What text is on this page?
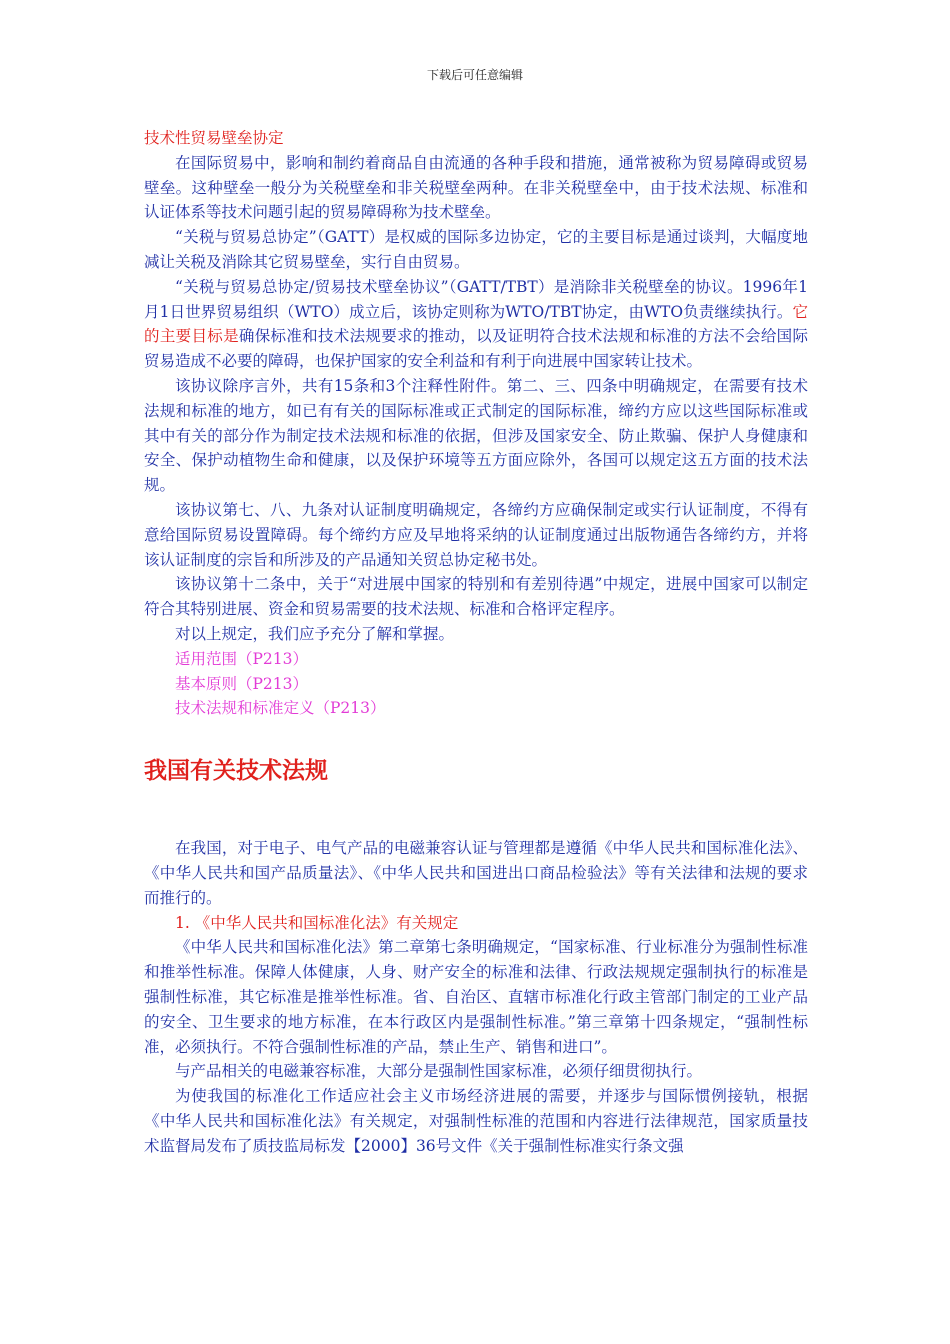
下载后可任意编辑

技术性贸易壁垒协定

在国际贸易中，影响和制约着商品自由流通的各种手段和措施，通常被称为贸易障碍或贸易壁垒。这种壁垒一般分为关税壁垒和非关税壁垒两种。在非关税壁垒中，由于技术法规、标准和认证体系等技术问题引起的贸易障碍称为技术壁垒。

“关税与贸易总协定”（GATT）是权威的国际多边协定，它的主要目标是通过谈判，大幅度地减让关税及消除其它贸易壁垒，实行自由贸易。

“关税与贸易总协定/贸易技术壁垒协议”（GATT/TBT）是消除非关税壁垒的协议。1996年1月1日世界贸易组织（WTO）成立后，该协定则称为WTO/TBT协定，由WTO负责继续执行。它的主要目标是确保标准和技术法规要求的推动，以及证明符合技术法规和标准的方法不会给国际贸易造成不必要的障碍，也保护国家的安全利益和有利于向进展中国家转让技术。

该协议除序言外，共有15条和3个注释性附件。第二、三、四条中明确规定，在需要有技术法规和标准的地方，如已有有关的国际标准或正式制定的国际标准，缔约方应以这些国际标准或其中有关的部分作为制定技术法规和标准的依据，但涉及国家安全、防止欺骗、保护人身健康和安全、保护动植物生命和健康，以及保护环境等五方面应除外，各国可以规定这五方面的技术法规。

该协议第七、八、九条对认证制度明确规定，各缔约方应确保制定或实行认证制度，不得有意给国际贸易设置障碍。每个缔约方应及早地将采纳的认证制度通过出版物通告各缔约方，并将该认证制度的宗旨和所涉及的产品通知关贸总协定秘书处。

该协议第十二条中，关于“对进展中国家的特别和有差别待遇”中规定，进展中国家可以制定符合其特别进展、资金和贸易需要的技术法规、标准和合格评定程序。

对以上规定，我们应予充分了解和掌握。

适用范围（P213）

基本原则（P213）

技术法规和标准定义（P213）

我国有关技术法规

在我国，对于电子、电气产品的电磁兼容认证与管理都是遵循《中华人民共和国标准化法》、《中华人民共和国产品质量法》、《中华人民共和国进出口商品检验法》等有关法律和法规的要求而推行的。

1. 《中华人民共和国标准化法》有关规定

《中华人民共和国标准化法》第二章第七条明确规定，“国家标准、行业标准分为强制性标准和推举性标准。保障人体健康，人身、财产安全的标准和法律、行政法规规定强制执行的标准是强制性标准，其它标准是推举性标准。省、自治区、直辖市标准化行政主管部门制定的工业产品的安全、卫生要求的地方标准，在本行政区内是强制性标准。”第三章第十四条规定，“强制性标准，必须执行。不符合强制性标准的产品，禁止生产、销售和进口”。

与产品相关的电磁兼容标准，大部分是强制性国家标准，必须仔细贯彻执行。

为使我国的标准化工作适应社会主义市场经济进展的需要，并逐步与国际惯例接轨，根据《中华人民共和国标准化法》有关规定，对强制性标准的范围和内容进行法律规范，国家质量技术监督局发布了质技监局标发【2000】36号文件《关于强制性标准实行条文强
